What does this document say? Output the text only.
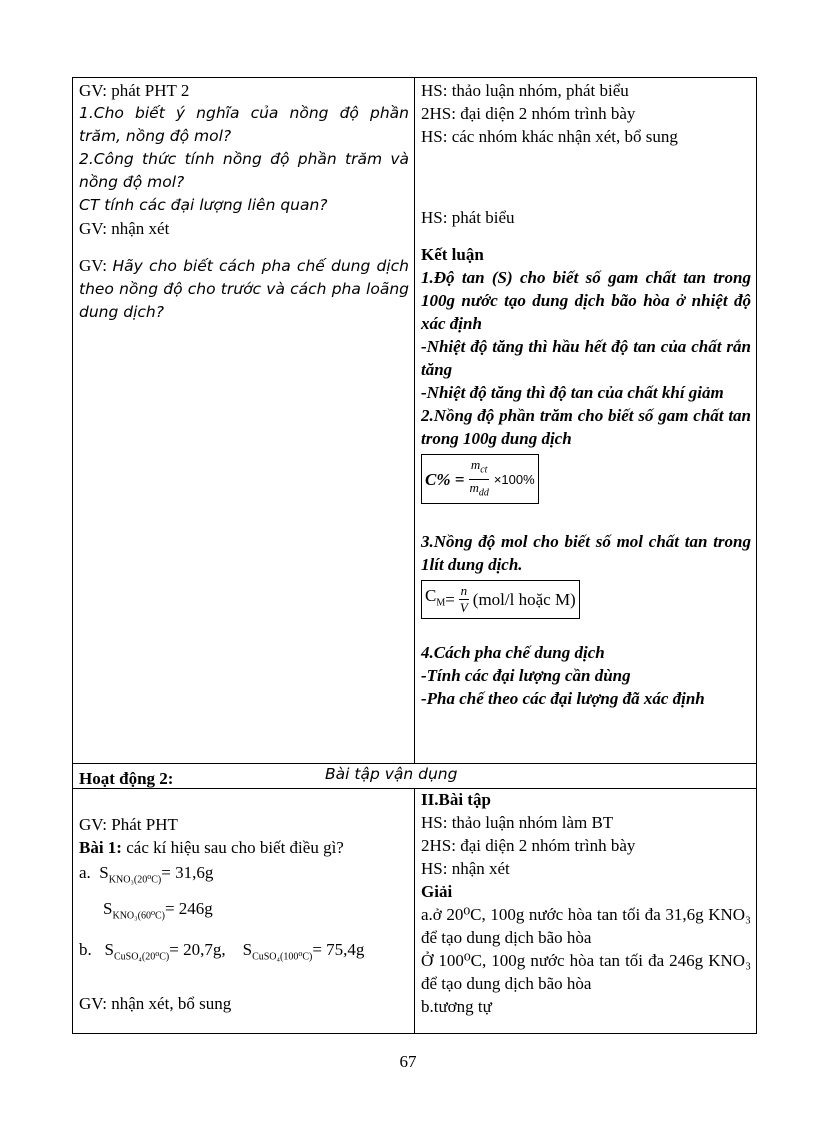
GV: phát PHT 2
1.Cho biết ý nghĩa của nồng độ phần trăm, nồng độ mol?
2.Công thức tính nồng độ phần trăm và nồng độ mol?
CT tính các đại lượng liên quan?
GV: nhận xét
GV: Hãy cho biết cách pha chế dung dịch theo nồng độ cho trước và cách pha loãng dung dịch?
HS: thảo luận nhóm, phát biểu
2HS: đại diện 2 nhóm trình bày
HS: các nhóm khác nhận xét, bổ sung
HS: phát biểu
Kết luận
1.Độ tan (S) cho biết số gam chất tan trong 100g nước tạo dung dịch bão hòa ở nhiệt độ xác định
-Nhiệt độ tăng thì hầu hết độ tan của chất rắn tăng
-Nhiệt độ tăng thì độ tan của chất khí giảm
2.Nồng độ phần trăm cho biết số gam chất tan trong 100g dung dịch
$C\% = \frac{m_{ct}}{m_{dd}} \times 100\%$
3.Nồng độ mol cho biết số mol chất tan trong 1lít dung dịch.
$C_M = \frac{n}{V} (mol/l$ hoặc M)
4.Cách pha chế dung dịch
-Tính các đại lượng cần dùng
-Pha chế theo các đại lượng đã xác định
Hoạt động 2:	Bài tập vận dụng
GV: Phát PHT
Bài 1: các kí hiệu sau cho biết điều gì?
a. $S_{KNO_3(20^0C)}= 31,6g$
$S_{KNO_3(60^0C)}= 246g$
b. $S_{CuSO_4(20^0C)}= 20,7g$, $S_{CuSO_4(100^0C)}= 75,4g$
GV: nhận xét, bổ sung
II.Bài tập
HS: thảo luận nhóm làm BT
2HS: đại diện 2 nhóm trình bày
HS: nhận xét
Giải
a.ở 20⁰C, 100g nước hòa tan tối đa 31,6g KNO₃ để tạo dung dịch bão hòa
Ở 100⁰C, 100g nước hòa tan tối đa 246g KNO₃ để tạo dung dịch bão hòa
b.tương tự
67
